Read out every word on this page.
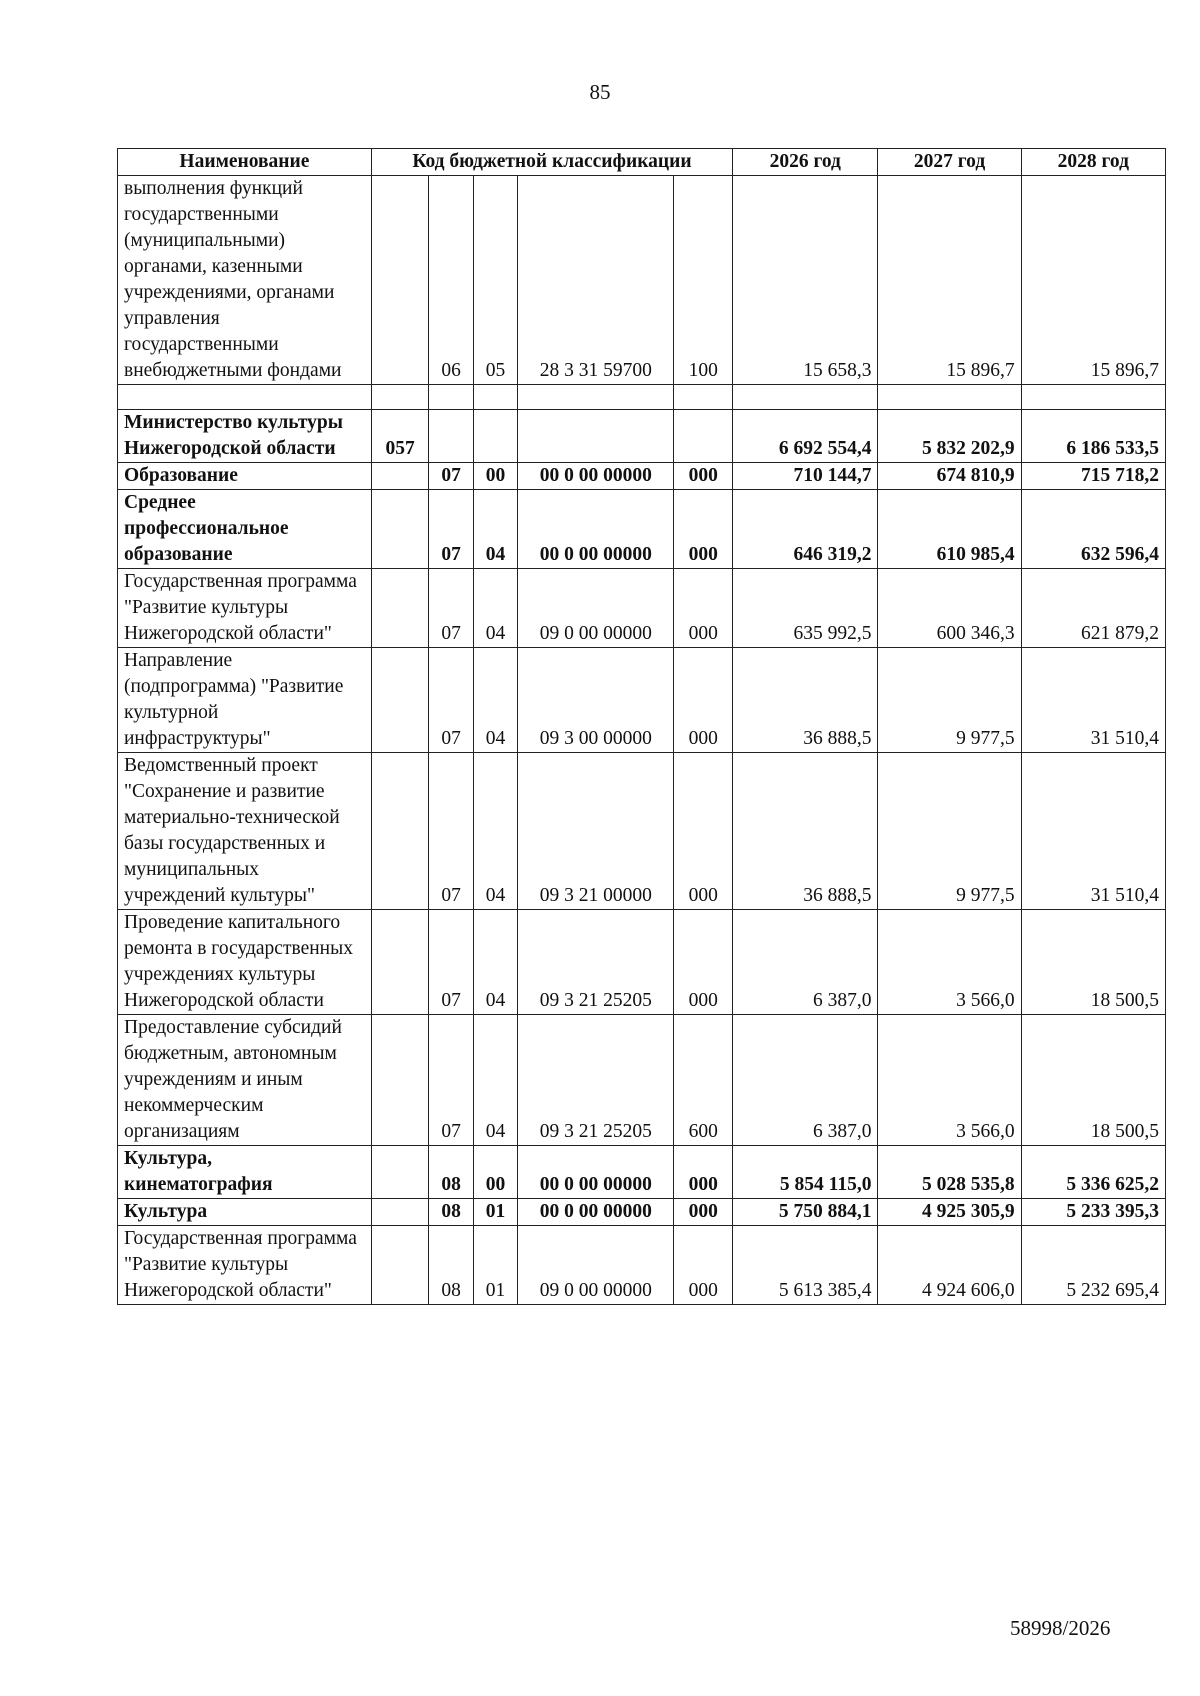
85
Наименование	Код бюджетной классификации					2026 год	2027 год	2028 год
выполнения функций государственными (муниципальными) органами, казенными учреждениями, органами управления государственными внебюджетными фондами		06	05	28 3 31 59700	100	15 658,3	15 896,7	15 896,7

Министерство культуры Нижегородской области	057					6 692 554,4	5 832 202,9	6 186 533,5
Образование		07	00	00 0 00 00000	000	710 144,7	674 810,9	715 718,2
Среднее профессиональное образование		07	04	00 0 00 00000	000	646 319,2	610 985,4	632 596,4
Государственная программа "Развитие культуры Нижегородской области"		07	04	09 0 00 00000	000	635 992,5	600 346,3	621 879,2
Направление (подпрограмма) "Развитие культурной инфраструктуры"		07	04	09 3 00 00000	000	36 888,5	9 977,5	31 510,4
Ведомственный проект "Сохранение и развитие материально-технической базы государственных и муниципальных учреждений культуры"		07	04	09 3 21 00000	000	36 888,5	9 977,5	31 510,4
Проведение капитального ремонта в государственных учреждениях культуры Нижегородской области		07	04	09 3 21 25205	000	6 387,0	3 566,0	18 500,5
Предоставление субсидий бюджетным, автономным учреждениям и иным некоммерческим организациям		07	04	09 3 21 25205	600	6 387,0	3 566,0	18 500,5
Культура, кинематография		08	00	00 0 00 00000	000	5 854 115,0	5 028 535,8	5 336 625,2
Культура		08	01	00 0 00 00000	000	5 750 884,1	4 925 305,9	5 233 395,3
Государственная программа "Развитие культуры Нижегородской области"		08	01	09 0 00 00000	000	5 613 385,4	4 924 606,0	5 232 695,4
58998/2026
